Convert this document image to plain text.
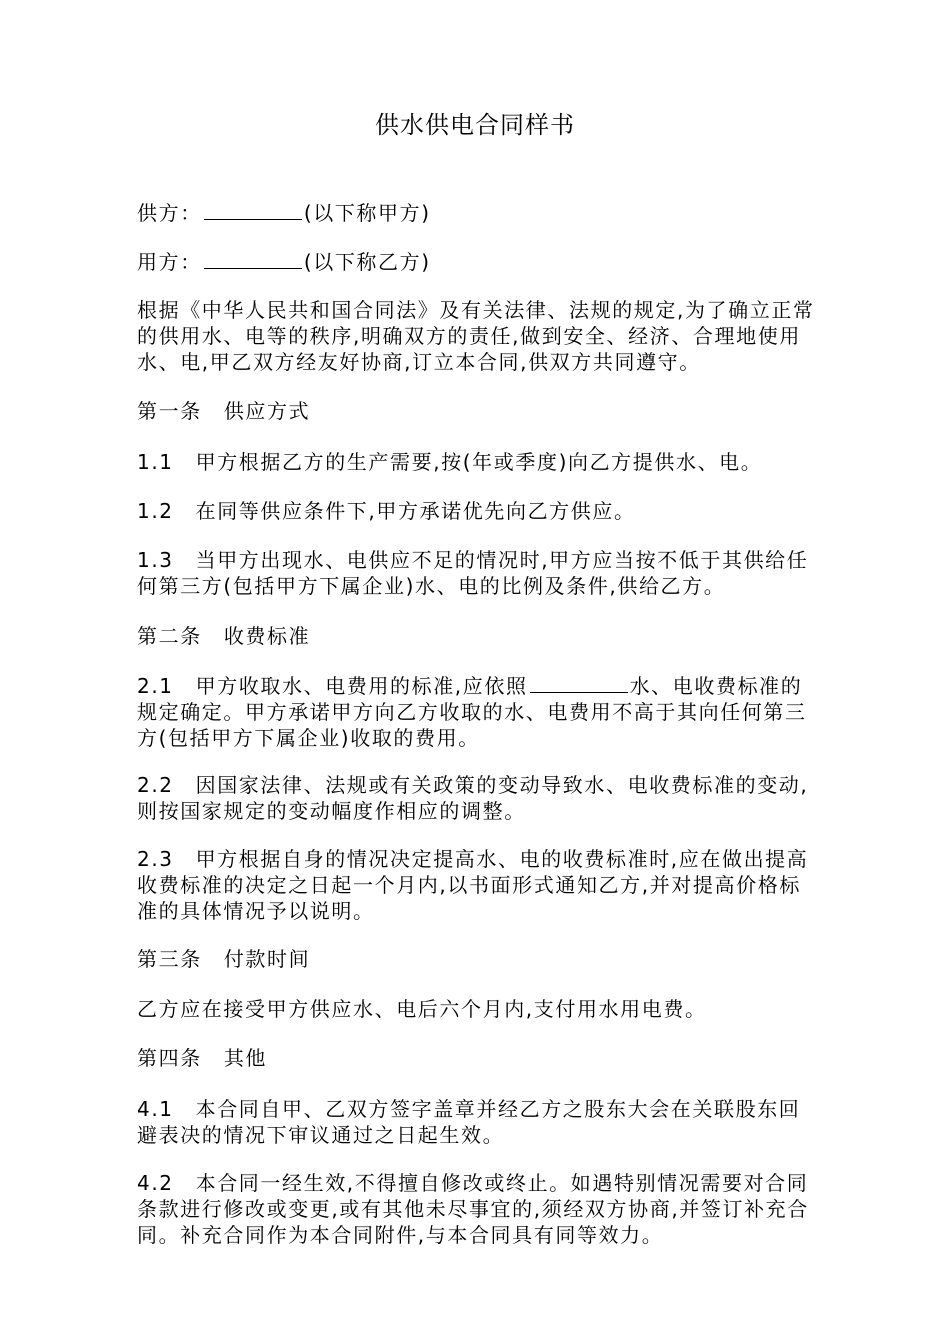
供水供电合同样书
供方：	(以下称甲方)
用方：	(以下称乙方)
根据《中华人民共和国合同法》及有关法律、法规的规定,为了确立正常的供用水、电等的秩序,明确双方的责任,做到安全、经济、合理地使用水、电,甲乙双方经友好协商,订立本合同,供双方共同遵守。
第一条 供应方式
1.1 甲方根据乙方的生产需要,按(年或季度)向乙方提供水、电。
1.2 在同等供应条件下,甲方承诺优先向乙方供应。
1.3 当甲方出现水、电供应不足的情况时,甲方应当按不低于其供给任何第三方(包括甲方下属企业)水、电的比例及条件,供给乙方。
第二条 收费标准
2.1 甲方收取水、电费用的标准,应依照	水、电收费标准的规定确定。甲方承诺甲方向乙方收取的水、电费用不高于其向任何第三方(包括甲方下属企业)收取的费用。
2.2 因国家法律、法规或有关政策的变动导致水、电收费标准的变动,则按国家规定的变动幅度作相应的调整。
2.3 甲方根据自身的情况决定提高水、电的收费标准时,应在做出提高收费标准的决定之日起一个月内,以书面形式通知乙方,并对提高价格标准的具体情况予以说明。
第三条 付款时间
乙方应在接受甲方供应水、电后六个月内,支付用水用电费。
第四条 其他
4.1 本合同自甲、乙双方签字盖章并经乙方之股东大会在关联股东回避表决的情况下审议通过之日起生效。
4.2 本合同一经生效,不得擅自修改或终止。如遇特别情况需要对合同条款进行修改或变更,或有其他未尽事宜的,须经双方协商,并签订补充合同。补充合同作为本合同附件,与本合同具有同等效力。
